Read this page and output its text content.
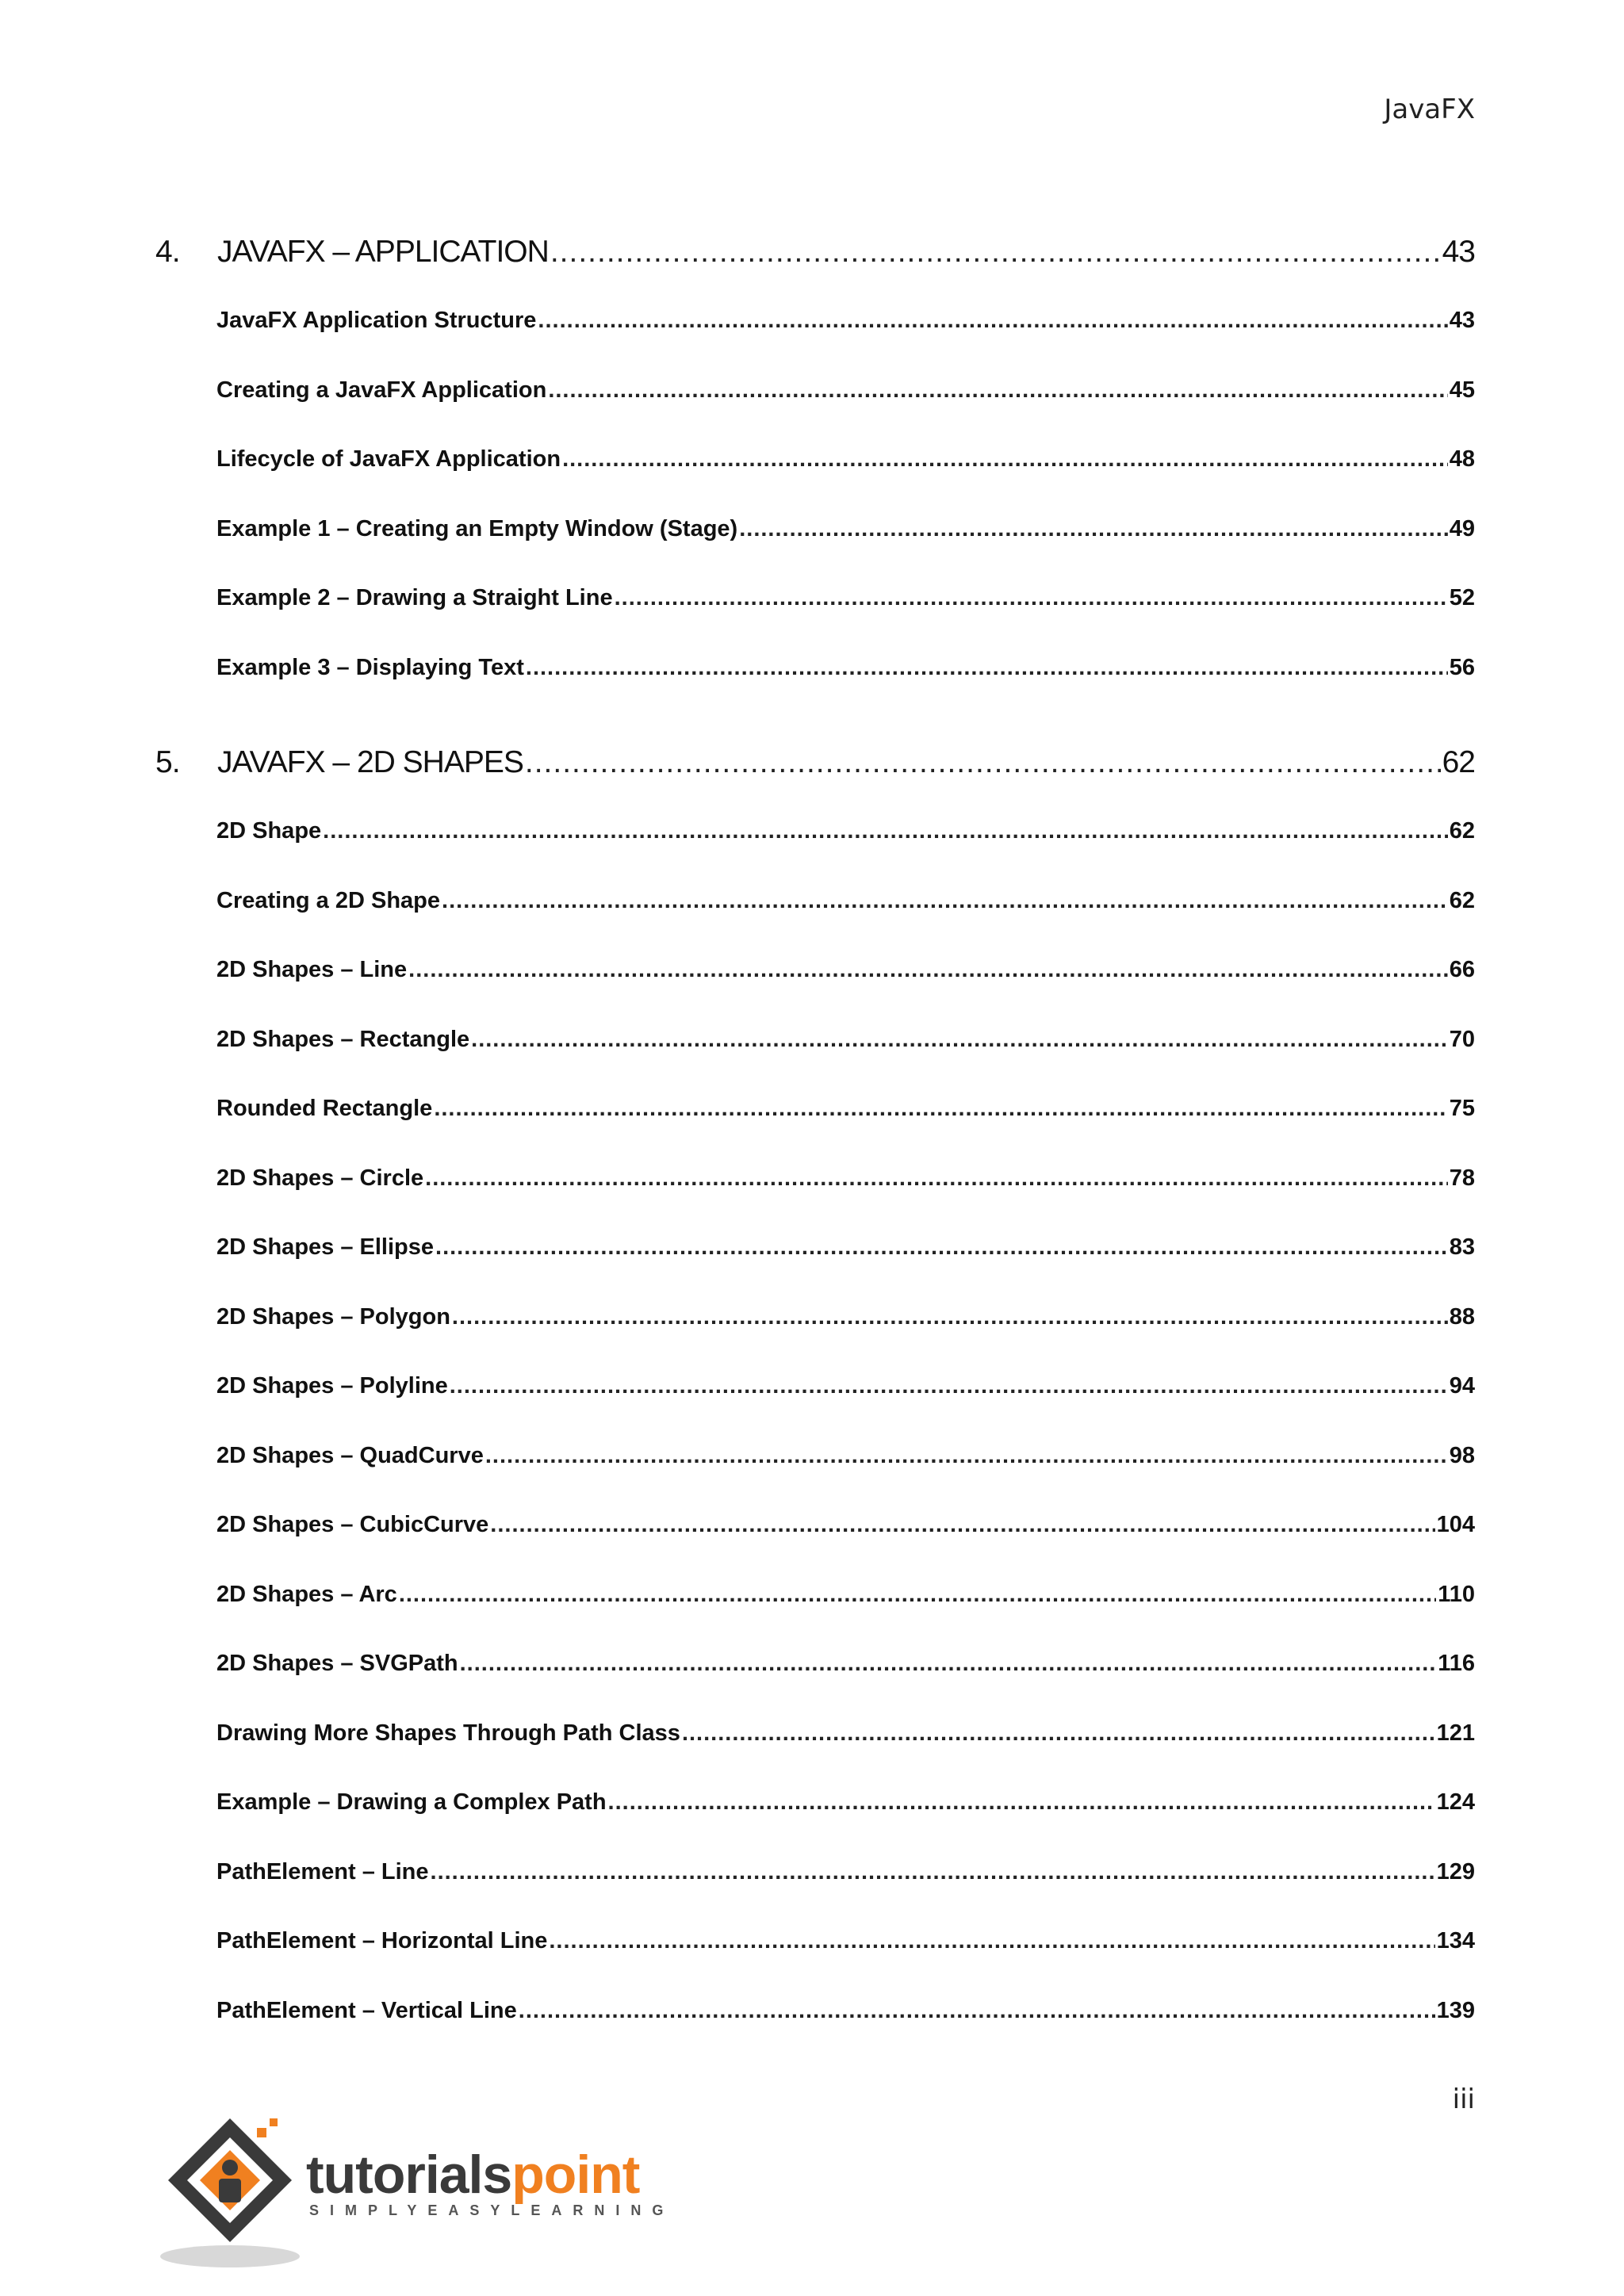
JavaFX
4.	JAVAFX – APPLICATION .....	43
JavaFX Application Structure .....	43
Creating a JavaFX Application .....	45
Lifecycle of JavaFX Application .....	48
Example 1 – Creating an Empty Window (Stage) .....	49
Example 2 – Drawing a Straight Line .....	52
Example 3 – Displaying Text .....	56
5.	JAVAFX – 2D SHAPES .....	62
2D Shape .....	62
Creating a 2D Shape .....	62
2D Shapes – Line .....	66
2D Shapes – Rectangle .....	70
Rounded Rectangle .....	75
2D Shapes – Circle .....	78
2D Shapes – Ellipse .....	83
2D Shapes – Polygon .....	88
2D Shapes – Polyline .....	94
2D Shapes – QuadCurve .....	98
2D Shapes – CubicCurve .....	104
2D Shapes – Arc .....	110
2D Shapes – SVGPath .....	116
Drawing More Shapes Through Path Class .....	121
Example – Drawing a Complex Path .....	124
PathElement – Line .....	129
PathElement – Horizontal Line .....	134
PathElement – Vertical Line .....	139
iii
tutorialspoint
SIMPLYEASYLEARNING
